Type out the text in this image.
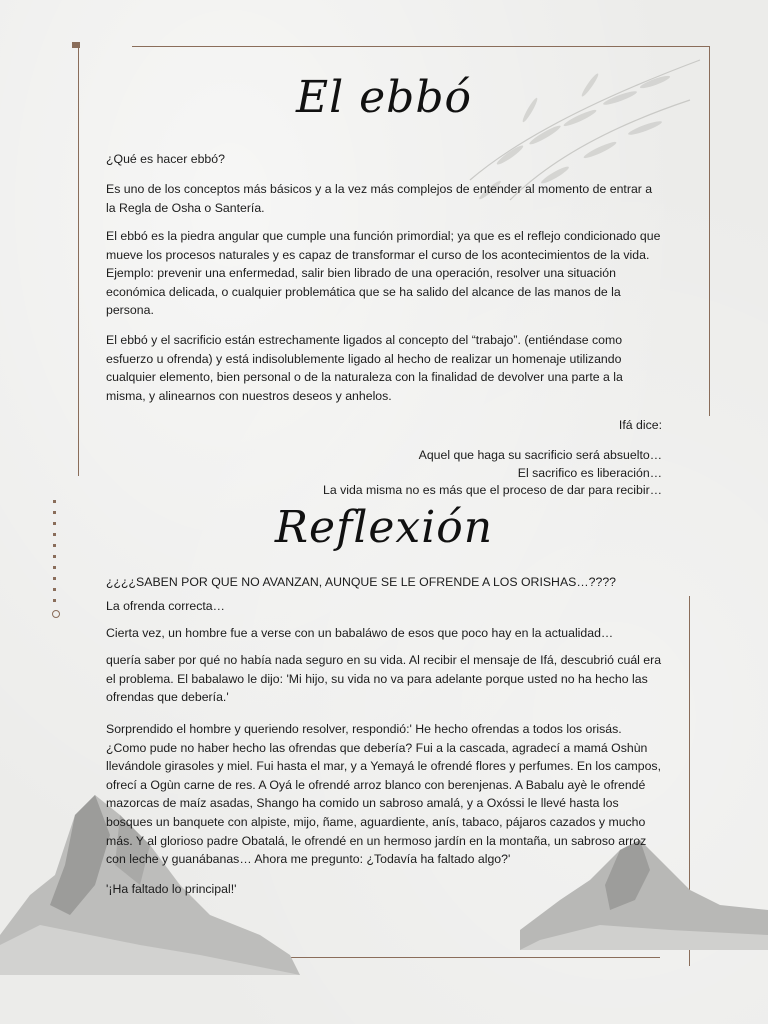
El ebbó
¿Qué es hacer ebbó?

Es uno de los conceptos más básicos y a la vez más complejos de entender al momento de entrar a la Regla de Osha o Santería.

El ebbó es la piedra angular que cumple una función primordial; ya que es el reflejo condicionado que mueve los procesos naturales y es capaz de transformar el curso de los acontecimientos de la vida. Ejemplo: prevenir una enfermedad, salir bien librado de una operación, resolver una situación económica delicada, o cualquier problemática que se ha salido del alcance de las manos de la persona.

El ebbó y el sacrificio están estrechamente ligados al concepto del “trabajo”. (entiéndase como esfuerzo u ofrenda) y está indisolublemente ligado al hecho de realizar un homenaje utilizando cualquier elemento, bien personal o de la naturaleza con la finalidad de devolver una parte a la misma, y alinearnos con nuestros deseos y anhelos.

Ifá dice:
Aquel que haga su sacrificio será absuelto…
El sacrifico es liberación…
La vida misma no es más que el proceso de dar para recibir…
Reflexión
¿¿¿¿SABEN POR QUE NO AVANZAN, AUNQUE SE LE OFRENDE A LOS ORISHAS…????
La ofrenda correcta…
Cierta vez, un hombre fue a verse con un babaláwo de esos que poco hay en la actualidad…

quería saber por qué no había nada seguro en su vida. Al recibir el mensaje de Ifá, descubrió cuál era el problema. El babalawo le dijo: 'Mi hijo, su vida no va para adelante porque usted no ha hecho las ofrendas que debería.'

Sorprendido el hombre y queriendo resolver, respondió:' He hecho ofrendas a todos los orisás. ¿Como pude no haber hecho las ofrendas que debería? Fui a la cascada, agradecí a mamá Oshùn llevándole girasoles y miel. Fui hasta el mar, y a Yemayá le ofrendé flores y perfumes. En los campos, ofrecí a Ogùn carne de res. A Oyá le ofrendé arroz blanco con berenjenas. A Babalu ayè le ofrendé mazorcas de maíz asadas, Shango ha comido un sabroso amalá, y a Oxóssi le llevé hasta los bosques un banquete con alpiste, mijo, ñame, aguardiente, anís, tabaco, pájaros cazados y mucho más. Y al glorioso padre Obatalá, le ofrendé en un hermoso jardín en la montaña, un sabroso arroz con leche y guanábanas… Ahora me pregunto: ¿Todavía ha faltado algo?'

'¡Ha faltado lo principal!'
